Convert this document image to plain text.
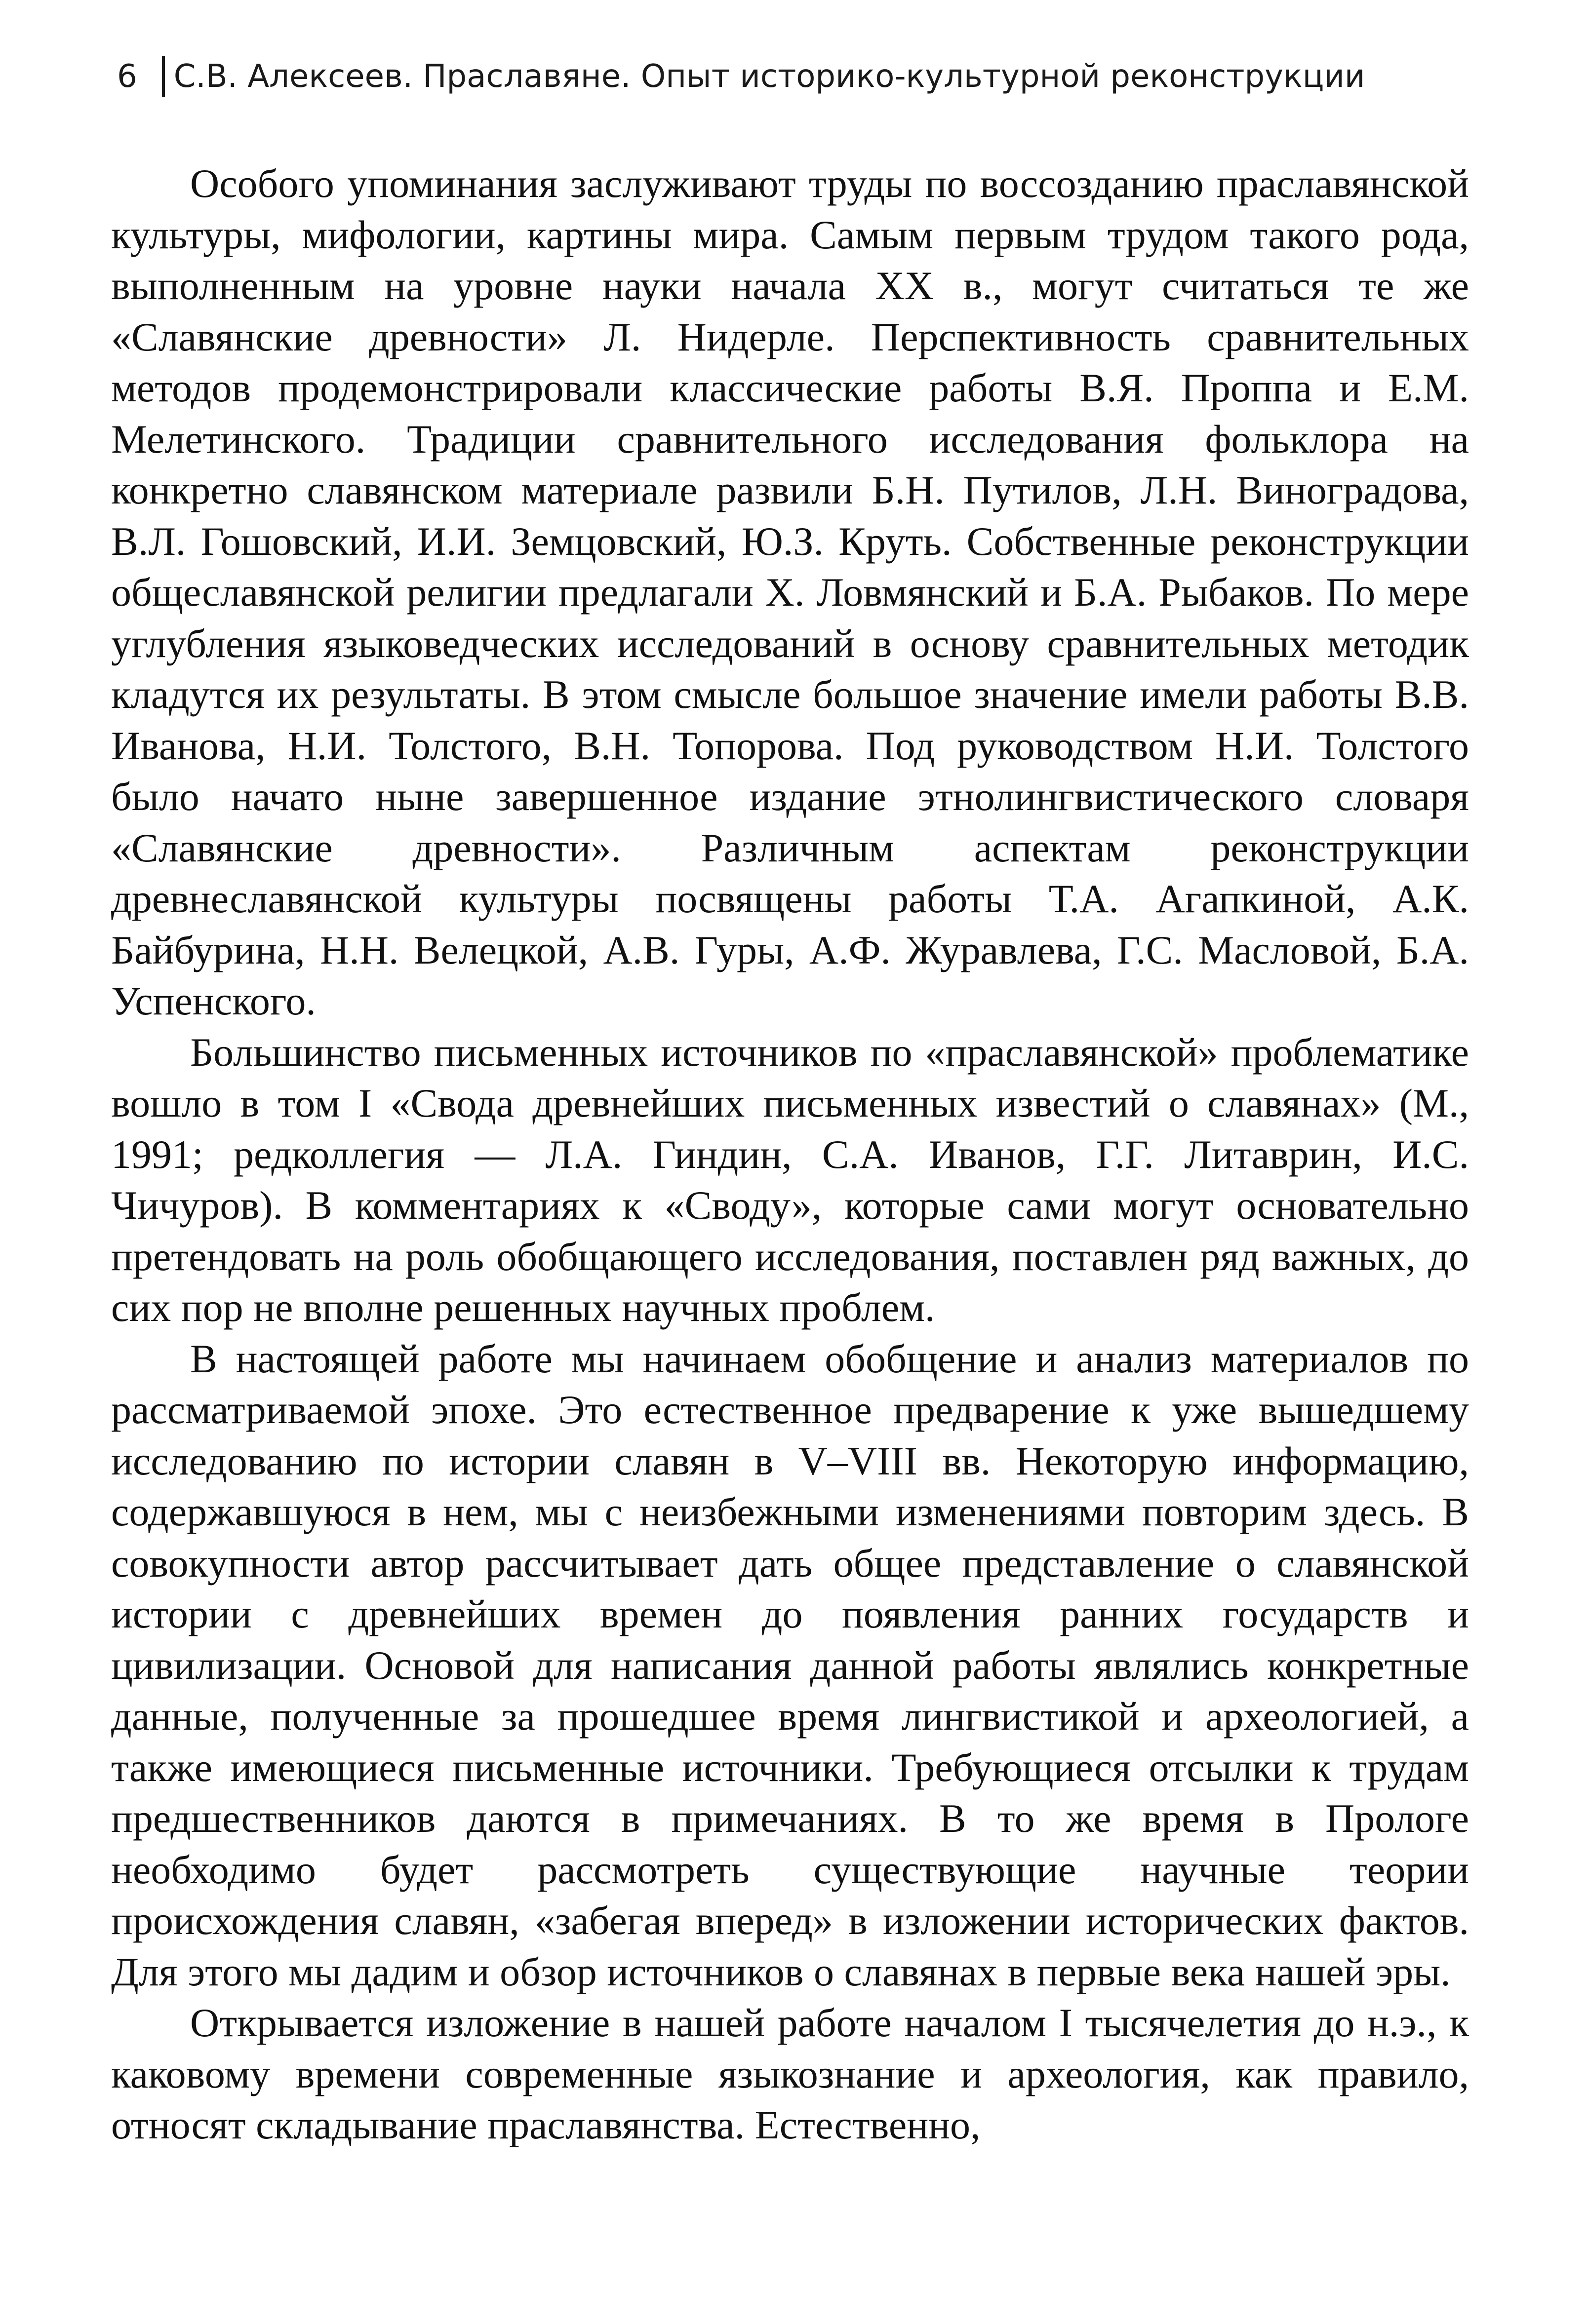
6 С.В. Алексеев. Праславяне. Опыт историко-культурной реконструкции

Особого упоминания заслуживают труды по воссозданию праславянской культуры, мифологии, картины мира. Самым первым трудом такого рода, выполненным на уровне науки начала XX в., могут считаться те же «Славянские древности» Л. Нидерле. Перспективность сравнительных методов продемонстрировали классические работы В.Я. Проппа и Е.М. Мелетинского. Традиции сравнительного исследования фольклора на конкретно славянском материале развили Б.Н. Путилов, Л.Н. Виноградова, В.Л. Гошовский, И.И. Земцовский, Ю.З. Круть. Собственные реконструкции общеславянской религии предлагали Х. Ловмянский и Б.А. Рыбаков. По мере углубления языковедческих исследований в основу сравнительных методик кладутся их результаты. В этом смысле большое значение имели работы В.В. Иванова, Н.И. Толстого, В.Н. Топорова. Под руководством Н.И. Толстого было начато ныне завершенное издание этнолингвистического словаря «Славянские древности». Различным аспектам реконструкции древнеславянской культуры посвящены работы Т.А. Агапкиной, А.К. Байбурина, Н.Н. Велецкой, А.В. Гуры, А.Ф. Журавлева, Г.С. Масловой, Б.А. Успенского.

Большинство письменных источников по «праславянской» проблематике вошло в том I «Свода древнейших письменных известий о славянах» (М., 1991; редколлегия — Л.А. Гиндин, С.А. Иванов, Г.Г. Литаврин, И.С. Чичуров). В комментариях к «Своду», которые сами могут основательно претендовать на роль обобщающего исследования, поставлен ряд важных, до сих пор не вполне решенных научных проблем.

В настоящей работе мы начинаем обобщение и анализ материалов по рассматриваемой эпохе. Это естественное предварение к уже вышедшему исследованию по истории славян в V–VIII вв. Некоторую информацию, содержавшуюся в нем, мы с неизбежными изменениями повторим здесь. В совокупности автор рассчитывает дать общее представление о славянской истории с древнейших времен до появления ранних государств и цивилизации. Основой для написания данной работы являлись конкретные данные, полученные за прошедшее время лингвистикой и археологией, а также имеющиеся письменные источники. Требующиеся отсылки к трудам предшественников даются в примечаниях. В то же время в Прологе необходимо будет рассмотреть существующие научные теории происхождения славян, «забегая вперед» в изложении исторических фактов. Для этого мы дадим и обзор источников о славянах в первые века нашей эры.

Открывается изложение в нашей работе началом I тысячелетия до н.э., к каковому времени современные языкознание и археология, как правило, относят складывание праславянства. Естественно,
